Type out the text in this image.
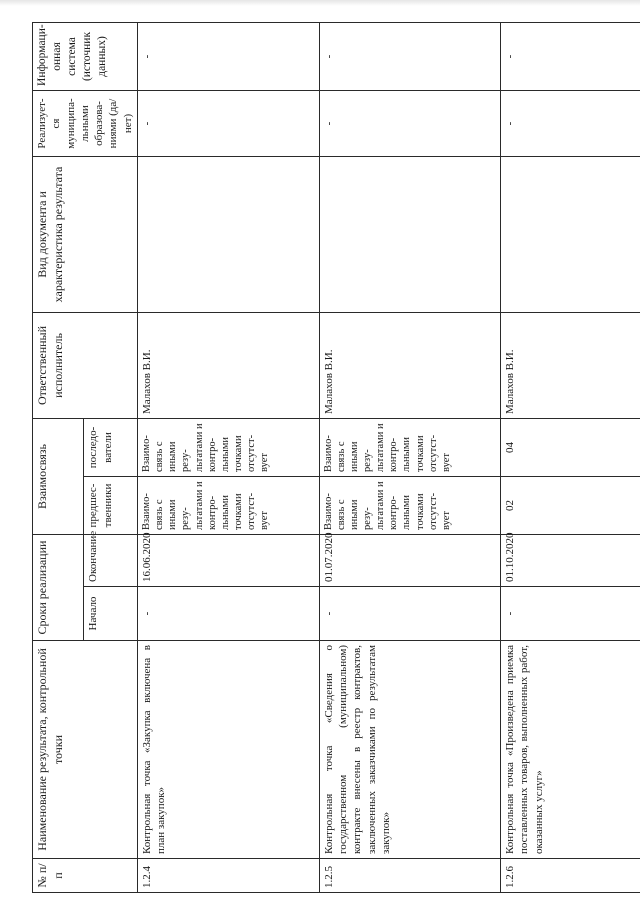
№ п/п	Наименование результата, контрольной точки	Сроки реализации		Взаимосвязь		Ответственный исполнитель	Вид документа и характеристика результата	Реализует-ся муниципа-льными образова-ниями (да/нет)	Информаци-онная система (источник данных)
		Начало	Окончание	предшес-твенники	последо-ватели				
1.2.4	Контрольная точка «Закупка включена в план закупок»	-	16.06.2020	Взаимо-связь с иными резу-льтатами и контро-льными точками отсутст-вует	Взаимо-связь с иными резу-льтатами и контро-льными точками отсутст-вует	Малахов В.И.		-	-
1.2.5	Контрольная точка «Сведения о государственном (муниципальном) контракте внесены в реестр контрактов, заключенных заказчиками по результатам закупок»	-	01.07.2020	Взаимо-связь с иными резу-льтатами и контро-льными точками отсутст-вует	Взаимо-связь с иными резу-льтатами и контро-льными точками отсутст-вует	Малахов В.И.		-	-
1.2.6	Контрольная точка «Произведена приемка поставленных товаров, выполненных работ, оказанных услуг»	-	01.10.2020	02	04	Малахов В.И.		-	-
